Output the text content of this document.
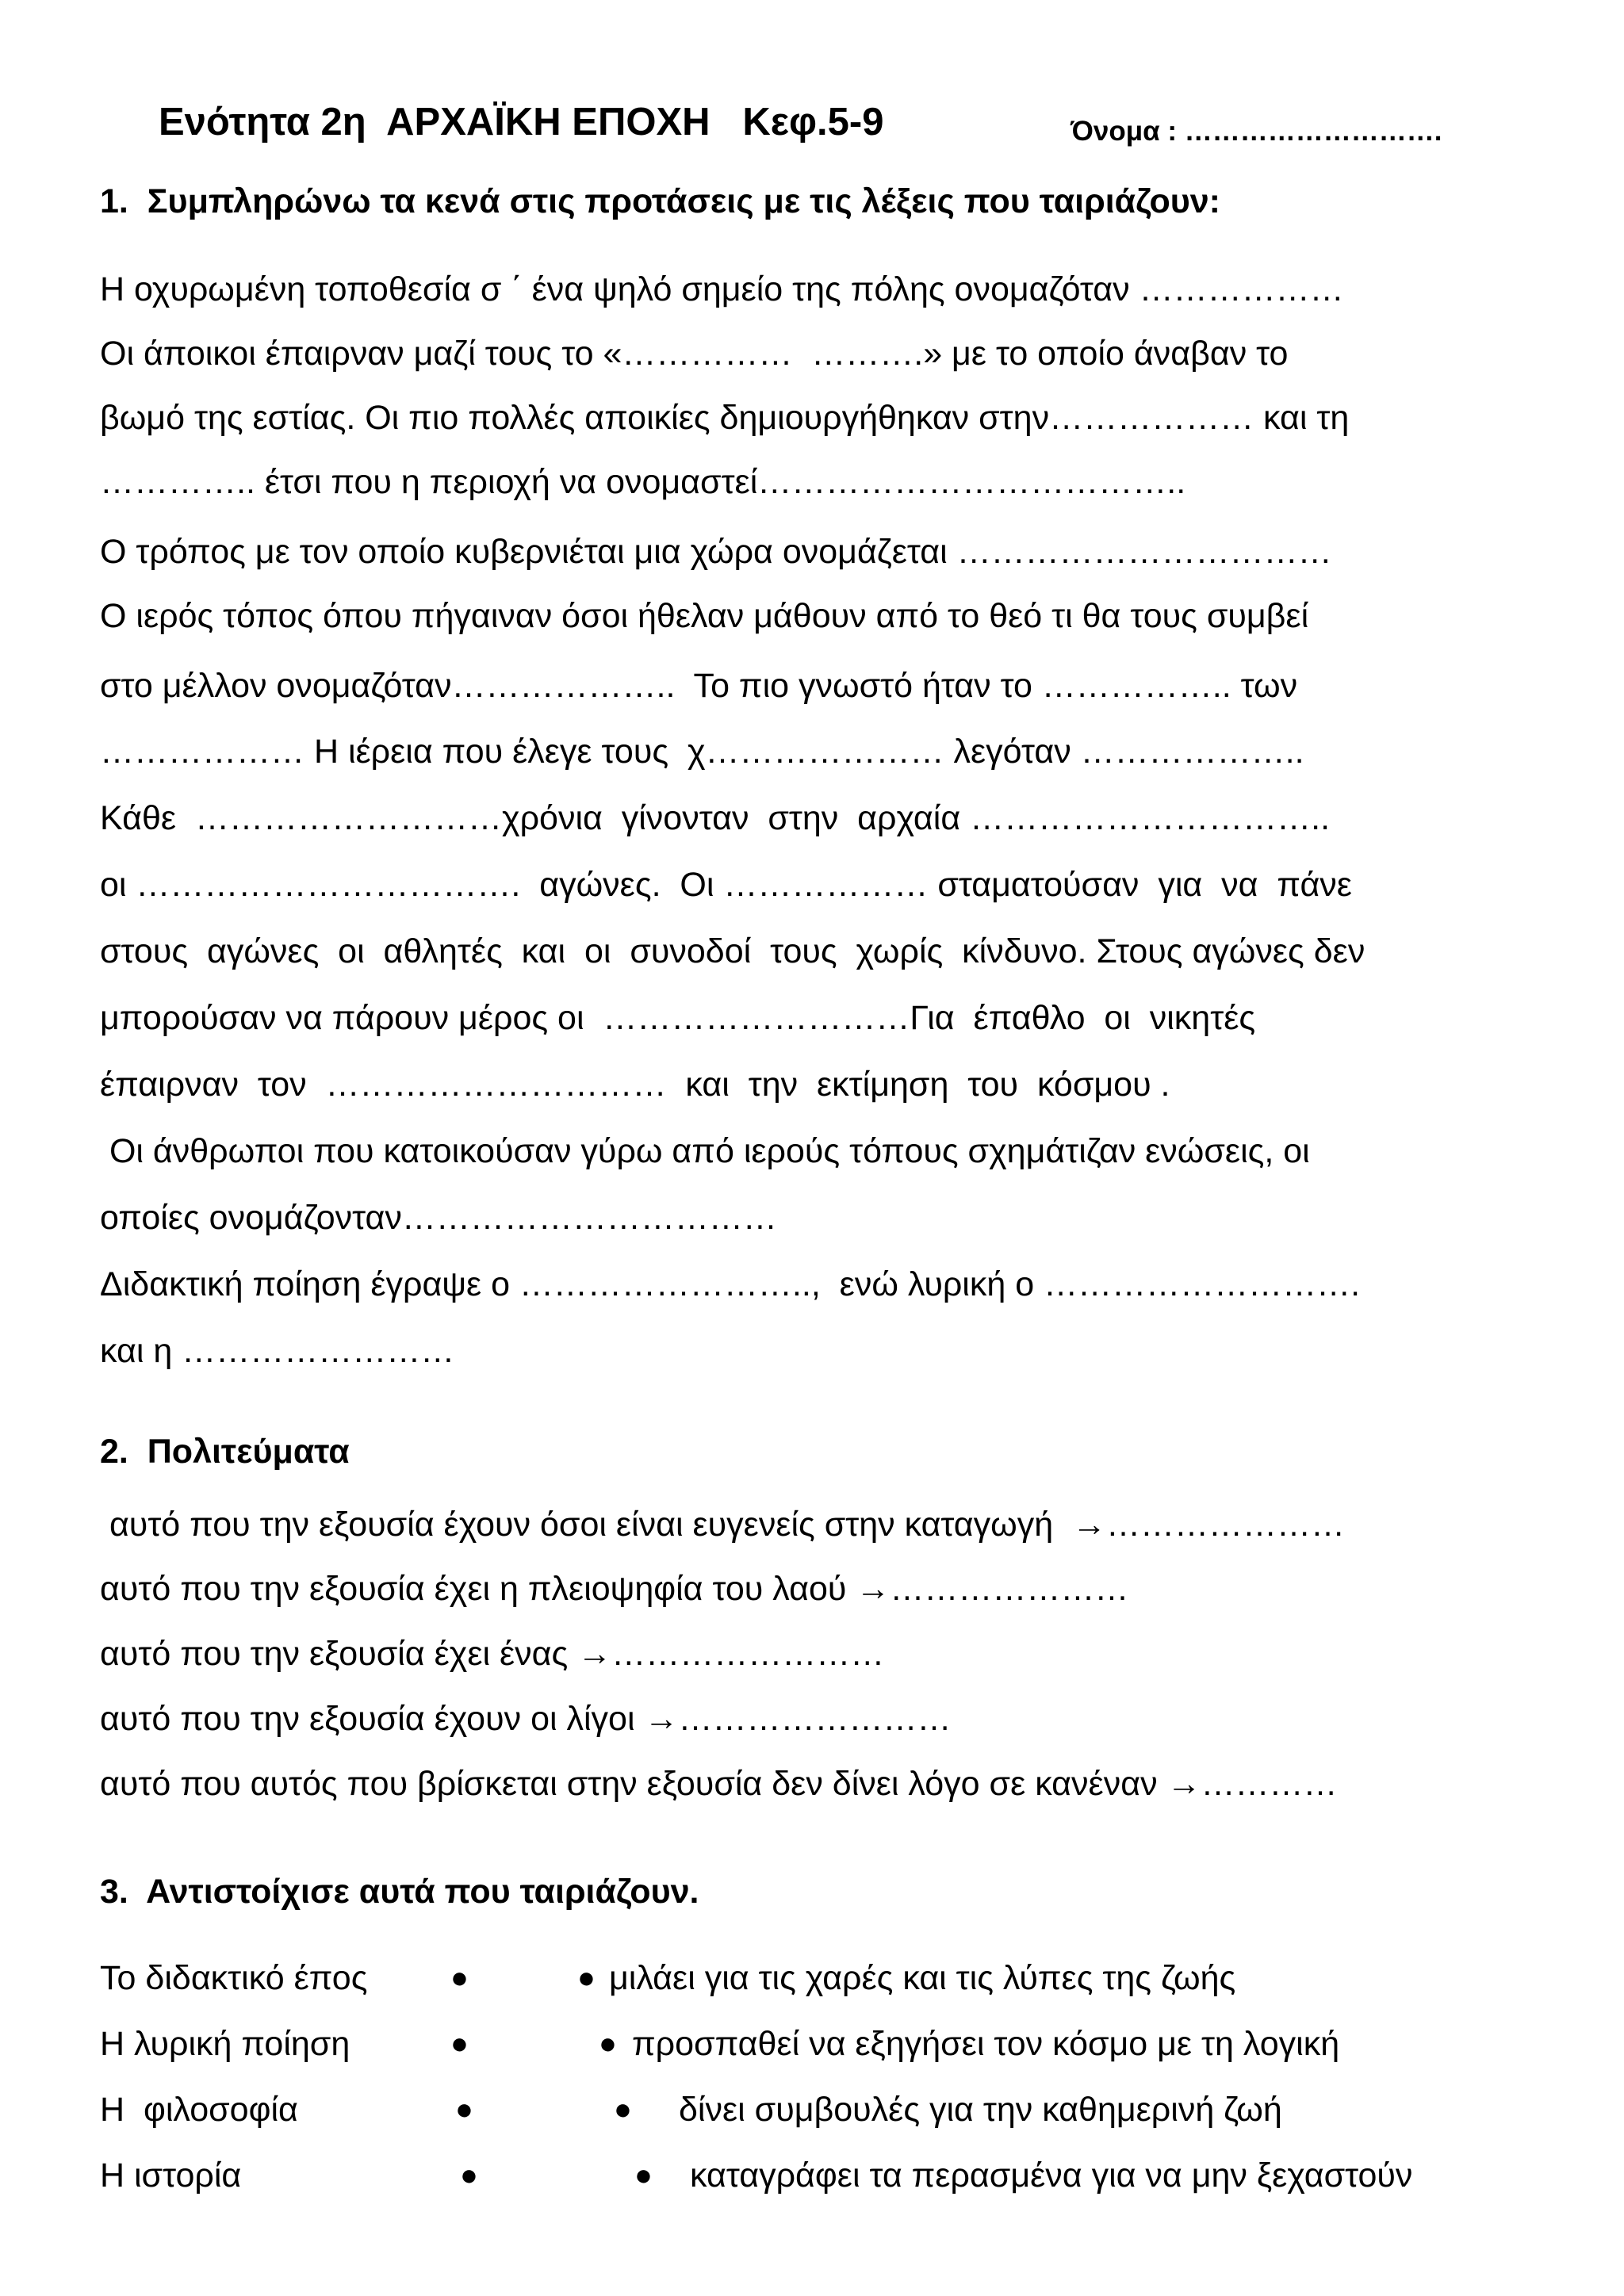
Ενότητα 2η  ΑΡΧΑΪΚΗ ΕΠΟΧΗ   Κεφ.5-9	Όνομα : ……………………….
1.  Συμπληρώνω τα κενά στις προτάσεις με τις λέξεις που ταιριάζουν:
Η οχυρωμένη τοποθεσία σ ΄ ένα ψηλό σημείο της πόλης ονομαζόταν ………………
Οι άποικοι έπαιρναν μαζί τους το «……………  ……….» με το οποίο άναβαν το
βωμό της εστίας. Οι πιο πολλές αποικίες δημιουργήθηκαν στην……………… και τη
………….. έτσι που η περιοχή να ονομαστεί………………………………..
Ο τρόπος με τον οποίο κυβερνιέται μια χώρα ονομάζεται ……………………………
Ο ιερός τόπος όπου πήγαιναν όσοι ήθελαν μάθουν από το θεό τι θα τους συμβεί
στο μέλλον ονομαζόταν………………..  Το πιο γνωστό ήταν το …………….. των
……………… Η ιέρεια που έλεγε τους  χ………………… λεγόταν ………………..
Κάθε  ………………………χρόνια  γίνονταν  στην  αρχαία …………………………..
οι …………………………….  αγώνες.  Οι ……………… σταματούσαν  για  να  πάνε
στους  αγώνες  οι  αθλητές  και  οι  συνοδοί  τους  χωρίς  κίνδυνο. Στους αγώνες δεν
μπορούσαν να πάρουν μέρος οι  ………………………Για  έπαθλο  οι  νικητές
έπαιρναν  τον  …………………………  και  την  εκτίμηση  του  κόσμου .
Οι άνθρωποι που κατοικούσαν γύρω από ιερούς τόπους σχημάτιζαν ενώσεις, οι
οποίες ονομάζονταν……………………………
Διδακτική ποίηση έγραψε ο ……………………..,  ενώ λυρική ο ……………………….
και η ……………………
2.  Πολιτεύματα
αυτό που την εξουσία έχουν όσοι είναι ευγενείς στην καταγωγή  →…………………
αυτό που την εξουσία έχει η πλειοψηφία του λαού →…………………
αυτό που την εξουσία έχει ένας →……………………
αυτό που την εξουσία έχουν οι λίγοι →……………………
αυτό που αυτός που βρίσκεται στην εξουσία δεν δίνει λόγο σε κανέναν →…………
3.  Αντιστοίχισε αυτά που ταιριάζουν.
Το διδακτικό έπος	●	● μιλάει για τις χαρές και τις λύπες της ζωής
Η λυρική ποίηση	●	● προσπαθεί να εξηγήσει τον κόσμο με τη λογική
Η  φιλοσοφία	●	● δίνει συμβουλές για την καθημερινή ζωή
Η ιστορία	●	● καταγράφει τα περασμένα για να μην ξεχαστούν
